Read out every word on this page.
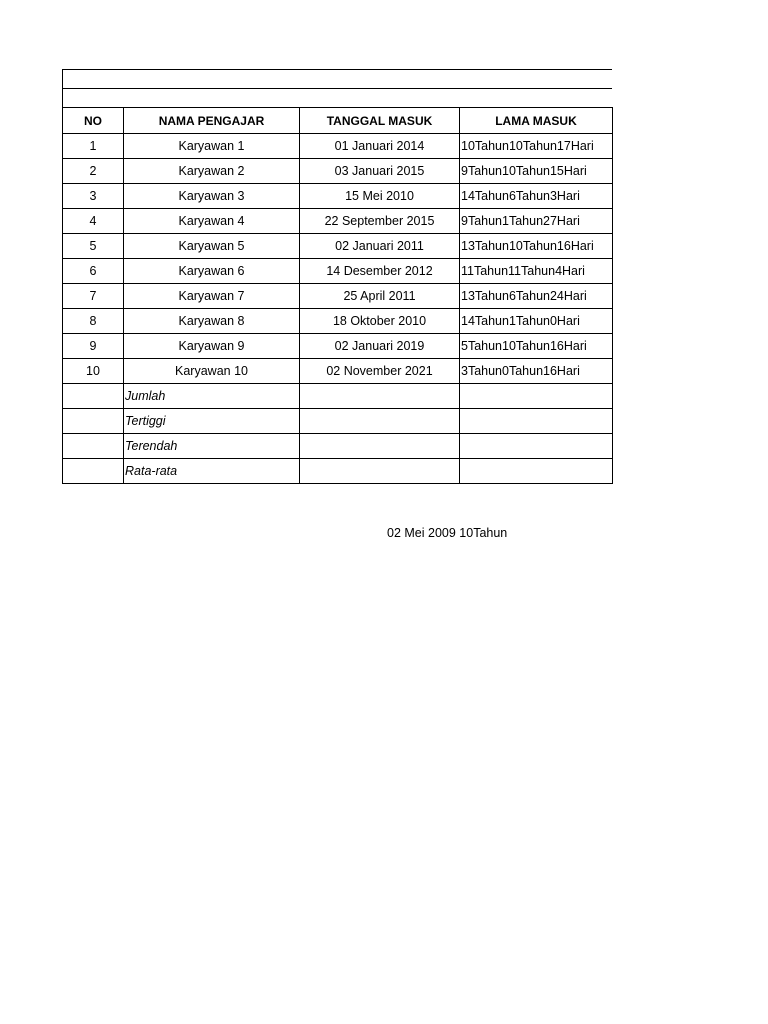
NO	NAMA PENGAJAR	TANGGAL MASUK	LAMA MASUK
1	Karyawan 1	01 Januari 2014	10Tahun10Tahun17Hari
2	Karyawan 2	03 Januari 2015	9Tahun10Tahun15Hari
3	Karyawan 3	15 Mei 2010	14Tahun6Tahun3Hari
4	Karyawan 4	22 September 2015	9Tahun1Tahun27Hari
5	Karyawan 5	02 Januari 2011	13Tahun10Tahun16Hari
6	Karyawan 6	14 Desember 2012	11Tahun11Tahun4Hari
7	Karyawan 7	25 April 2011	13Tahun6Tahun24Hari
8	Karyawan 8	18 Oktober 2010	14Tahun1Tahun0Hari
9	Karyawan 9	02 Januari 2019	5Tahun10Tahun16Hari
10	Karyawan 10	02 November 2021	3Tahun0Tahun16Hari
	Jumlah		
	Tertiggi		
	Terendah		
	Rata-rata		
02 Mei 2009 10Tahun
